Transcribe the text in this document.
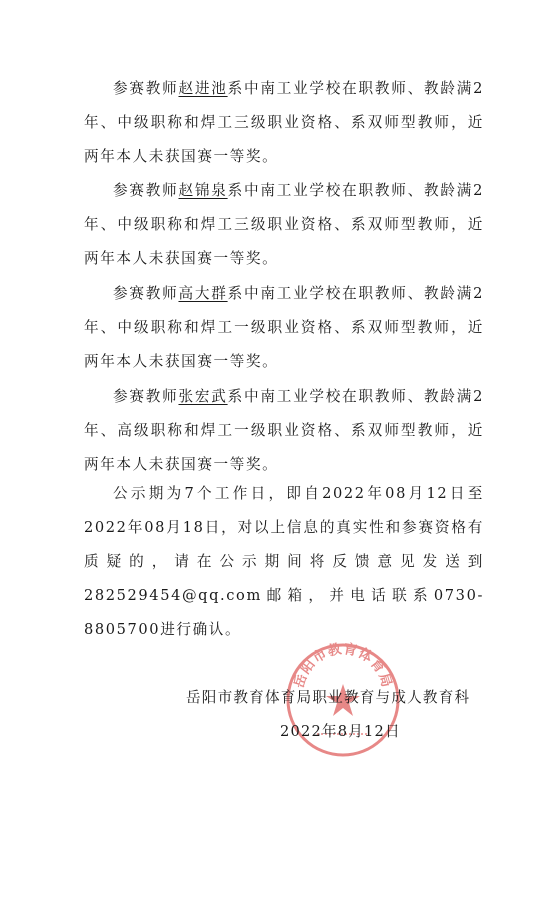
参赛教师赵进池系中南工业学校在职教师、教龄满2年、中级职称和焊工三级职业资格、系双师型教师，近两年本人未获国赛一等奖。

参赛教师赵锦泉系中南工业学校在职教师、教龄满2年、中级职称和焊工三级职业资格、系双师型教师，近两年本人未获国赛一等奖。

参赛教师高大群系中南工业学校在职教师、教龄满2年、中级职称和焊工一级职业资格、系双师型教师，近两年本人未获国赛一等奖。

参赛教师张宏武系中南工业学校在职教师、教龄满2年、高级职称和焊工一级职业资格、系双师型教师，近两年本人未获国赛一等奖。

公示期为7个工作日，即自2022年08月12日至2022年08月18日，对以上信息的真实性和参赛资格有质疑的，请在公示期间将反馈意见发送到282529454@qq.com邮箱，并电话联系0730-8805700进行确认。

岳阳市教育体育局

岳阳市教育体育局职业教育与成人教育科

2022年8月12日
